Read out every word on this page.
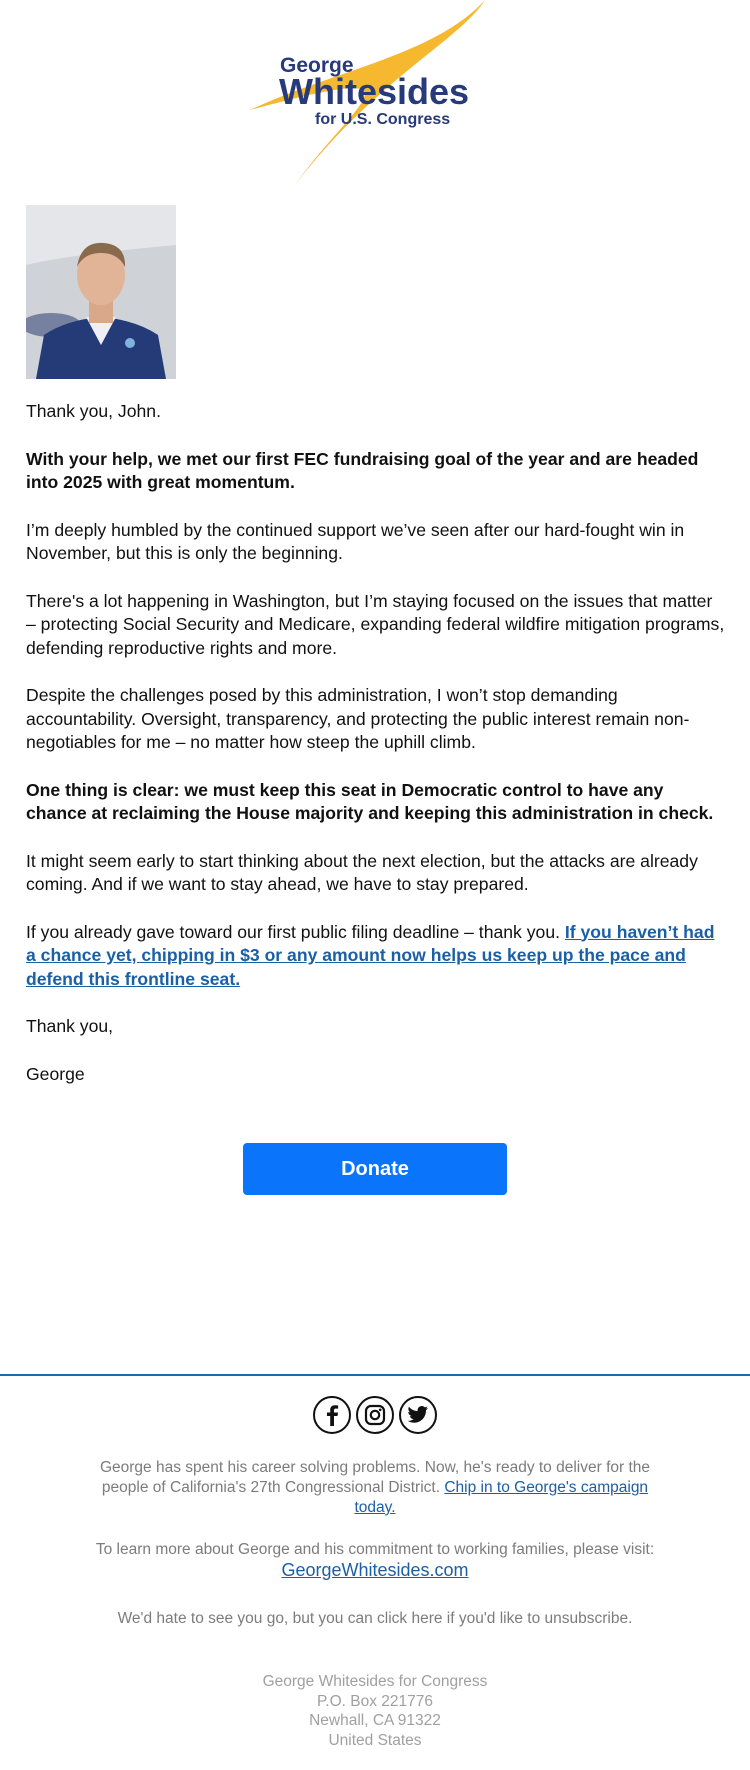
George
Whitesides
for U.S. Congress

Thank you, John.

With your help, we met our first FEC fundraising goal of the year and are headed into 2025 with great momentum.

I’m deeply humbled by the continued support we’ve seen after our hard-fought win in November, but this is only the beginning.

There's a lot happening in Washington, but I’m staying focused on the issues that matter – protecting Social Security and Medicare, expanding federal wildfire mitigation programs, defending reproductive rights and more.

Despite the challenges posed by this administration, I won’t stop demanding accountability. Oversight, transparency, and protecting the public interest remain non-negotiables for me – no matter how steep the uphill climb.

One thing is clear: we must keep this seat in Democratic control to have any chance at reclaiming the House majority and keeping this administration in check.

It might seem early to start thinking about the next election, but the attacks are already coming. And if we want to stay ahead, we have to stay prepared.

If you already gave toward our first public filing deadline – thank you. If you haven’t had a chance yet, chipping in $3 or any amount now helps us keep up the pace and defend this frontline seat.

Thank you,

George

Donate
George has spent his career solving problems. Now, he's ready to deliver for the people of California's 27th Congressional District. Chip in to George's campaign today.
To learn more about George and his commitment to working families, please visit:
GeorgeWhitesides.com
We'd hate to see you go, but you can click here if you'd like to unsubscribe.
George Whitesides for Congress
P.O. Box 221776
Newhall, CA 91322
United States
